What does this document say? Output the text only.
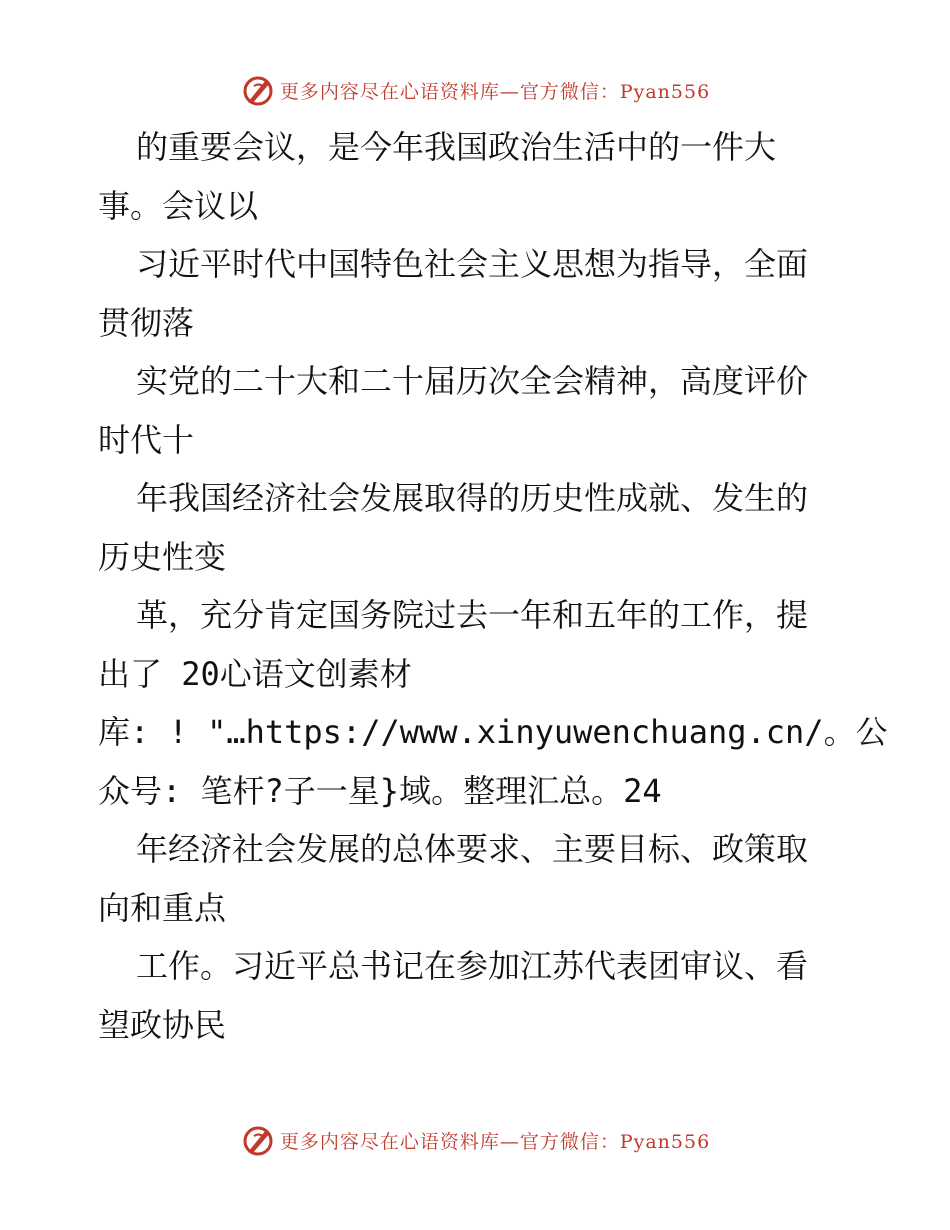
更多内容尽在心语资料库—官方微信：Pyan556
的重要会议，是今年我国政治生活中的一件大
事。会议以
习近平时代中国特色社会主义思想为指导，全面
贯彻落
实党的二十大和二十届历次全会精神，高度评价
时代十
年我国经济社会发展取得的历史性成就、发生的
历史性变
革，充分肯定国务院过去一年和五年的工作，提
出了 20心语文创素材
库: ! "…https://www.xinyuwenchuang.cn/。公
众号: 笔杆?子一星}域。整理汇总。24
年经济社会发展的总体要求、主要目标、政策取
向和重点
工作。习近平总书记在参加江苏代表团审议、看
望政协民
更多内容尽在心语资料库—官方微信：Pyan556
